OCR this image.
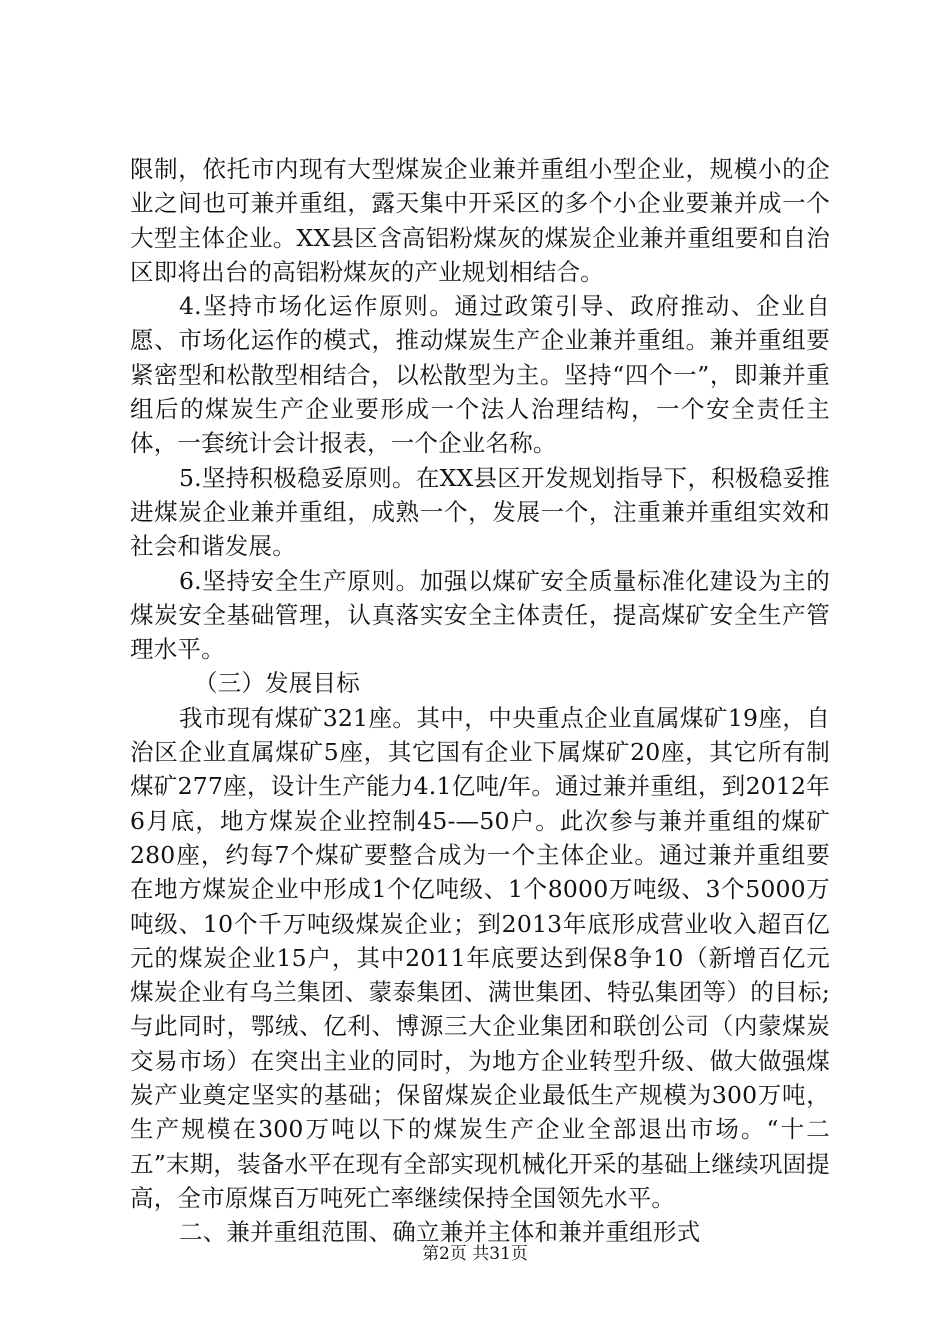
限制，依托市内现有大型煤炭企业兼并重组小型企业，规模小的企业之间也可兼并重组，露天集中开采区的多个小企业要兼并成一个大型主体企业。XX县区含高铝粉煤灰的煤炭企业兼并重组要和自治区即将出台的高铝粉煤灰的产业规划相结合。

4.坚持市场化运作原则。通过政策引导、政府推动、企业自愿、市场化运作的模式，推动煤炭生产企业兼并重组。兼并重组要紧密型和松散型相结合，以松散型为主。坚持“四个一”，即兼并重组后的煤炭生产企业要形成一个法人治理结构，一个安全责任主体，一套统计会计报表，一个企业名称。

5.坚持积极稳妥原则。在XX县区开发规划指导下，积极稳妥推进煤炭企业兼并重组，成熟一个，发展一个，注重兼并重组实效和社会和谐发展。

6.坚持安全生产原则。加强以煤矿安全质量标准化建设为主的煤炭安全基础管理，认真落实安全主体责任，提高煤矿安全生产管理水平。

（三）发展目标

我市现有煤矿321座。其中，中央重点企业直属煤矿19座，自治区企业直属煤矿5座，其它国有企业下属煤矿20座，其它所有制煤矿277座，设计生产能力4.1亿吨/年。通过兼并重组，到2012年6月底，地方煤炭企业控制45-—50户。此次参与兼并重组的煤矿280座，约每7个煤矿要整合成为一个主体企业。通过兼并重组要在地方煤炭企业中形成1个亿吨级、1个8000万吨级、3个5000万吨级、10个千万吨级煤炭企业；到2013年底形成营业收入超百亿元的煤炭企业15户，其中2011年底要达到保8争10（新增百亿元煤炭企业有乌兰集团、蒙泰集团、满世集团、特弘集团等）的目标;与此同时，鄂绒、亿利、博源三大企业集团和联创公司（内蒙煤炭交易市场）在突出主业的同时，为地方企业转型升级、做大做强煤炭产业奠定坚实的基础；保留煤炭企业最低生产规模为300万吨，生产规模在300万吨以下的煤炭生产企业全部退出市场。“十二五”末期，装备水平在现有全部实现机械化开采的基础上继续巩固提高，全市原煤百万吨死亡率继续保持全国领先水平。

二、兼并重组范围、确立兼并主体和兼并重组形式

第2页 共31页
